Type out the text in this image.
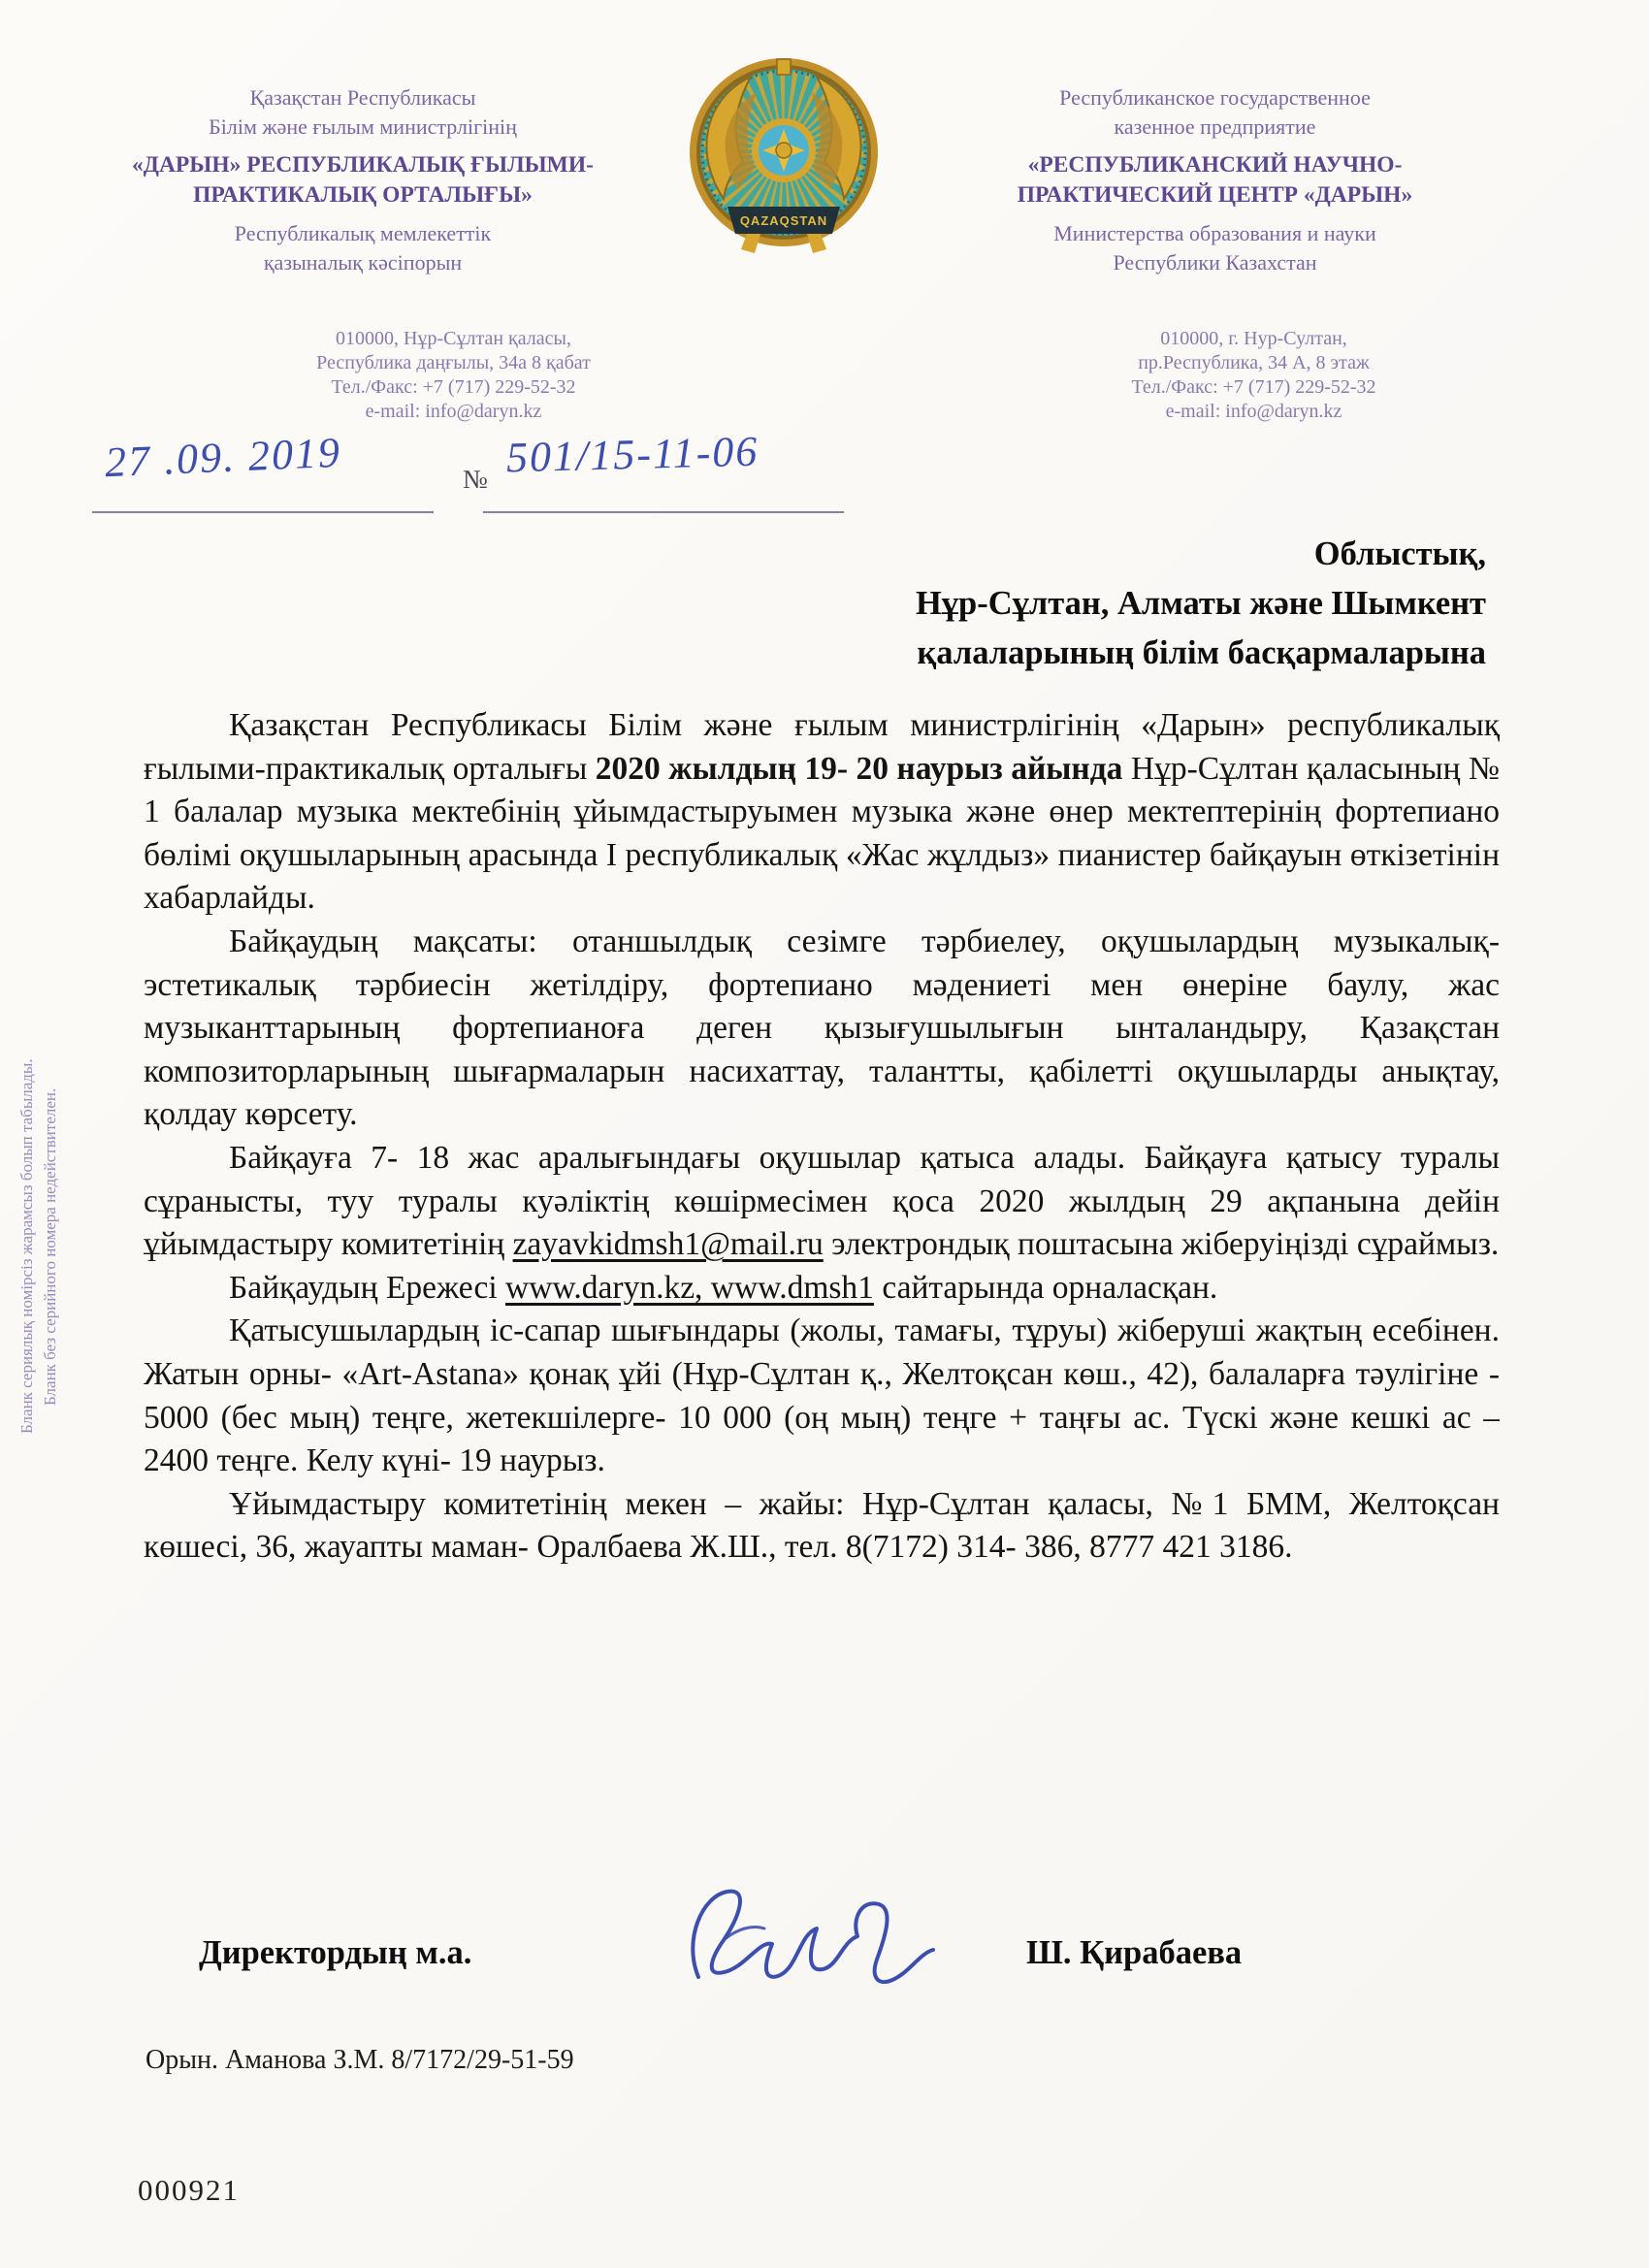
Қазақстан Республикасы
Білім және ғылым министрлігінің
«ДАРЫН» РЕСПУБЛИКАЛЫҚ ҒЫЛЫМИ-
ПРАКТИКАЛЫҚ ОРТАЛЫҒЫ»
Республикалық мемлекеттік
қазыналық кәсіпорын
QAZAQSTAN
Республиканское государственное
казенное предприятие
«РЕСПУБЛИКАНСКИЙ НАУЧНО-
ПРАКТИЧЕСКИЙ ЦЕНТР «ДАРЫН»
Министерства образования и науки
Республики Казахстан
010000, Нұр-Сұлтан қаласы,
Республика даңғылы, 34а 8 қабат
Тел./Факс: +7 (717) 229-52-32
e-mail: info@daryn.kz
010000, г. Нур-Султан,
пр.Республика, 34 А, 8 этаж
Тел./Факс: +7 (717) 229-52-32
e-mail: info@daryn.kz
27 .09. 2019	№ 501/15-11-06
Облыстық,
Нұр-Сұлтан, Алматы және Шымкент
қалаларының білім басқармаларына

Қазақстан Республикасы Білім және ғылым министрлігінің «Дарын» республикалық ғылыми-практикалық орталығы 2020 жылдың 19- 20 наурыз айында Нұр-Сұлтан қаласының № 1 балалар музыка мектебінің ұйымдастыруымен музыка және өнер мектептерінің фортепиано бөлімі оқушыларының арасында I республикалық «Жас жұлдыз» пианистер байқауын өткізетінін хабарлайды.

Байқаудың мақсаты: отаншылдық сезімге тәрбиелеу, оқушылардың музыкалық-эстетикалық тәрбиесін жетілдіру, фортепиано мәдениеті мен өнеріне баулу, жас музыканттарының фортепианоға деген қызығушылығын ынталандыру, Қазақстан композиторларының шығармаларын насихаттау, талантты, қабілетті оқушыларды анықтау, қолдау көрсету.

Байқауға 7- 18 жас аралығындағы оқушылар қатыса алады. Байқауға қатысу туралы сұранысты, туу туралы куәліктің көшірмесімен қоса 2020 жылдың 29 ақпанына дейін ұйымдастыру комитетінің zayavkidmsh1@mail.ru электрондық поштасына жіберуіңізді сұраймыз.

Байқаудың Ережесі www.daryn.kz, www.dmsh1 сайтарында орналасқан.

Қатысушылардың іс-сапар шығындары (жолы, тамағы, тұруы) жіберуші жақтың есебінен. Жатын орны- «Art-Astana» қонақ ұйі (Нұр-Сұлтан қ., Желтоқсан көш., 42), балаларға тәулігіне - 5000 (бес мың) теңге, жетекшілерге- 10 000 (оң мың) теңге + таңғы ас. Түскі және кешкі ас – 2400 теңге. Келу күні- 19 наурыз.

Ұйымдастыру комитетінің мекен – жайы: Нұр-Сұлтан қаласы, №1 БММ, Желтоқсан көшесі, 36, жауапты маман- Оралбаева Ж.Ш., тел. 8(7172) 314- 386, 8777 421 3186.

Директордың м.а.	Ш. Қирабаева
Орын. Аманова З.М. 8/7172/29-51-59
000921
Бланк сериялық номірсіз жарамсыз болып табылады. Бланк без серийного номера недействителен.
